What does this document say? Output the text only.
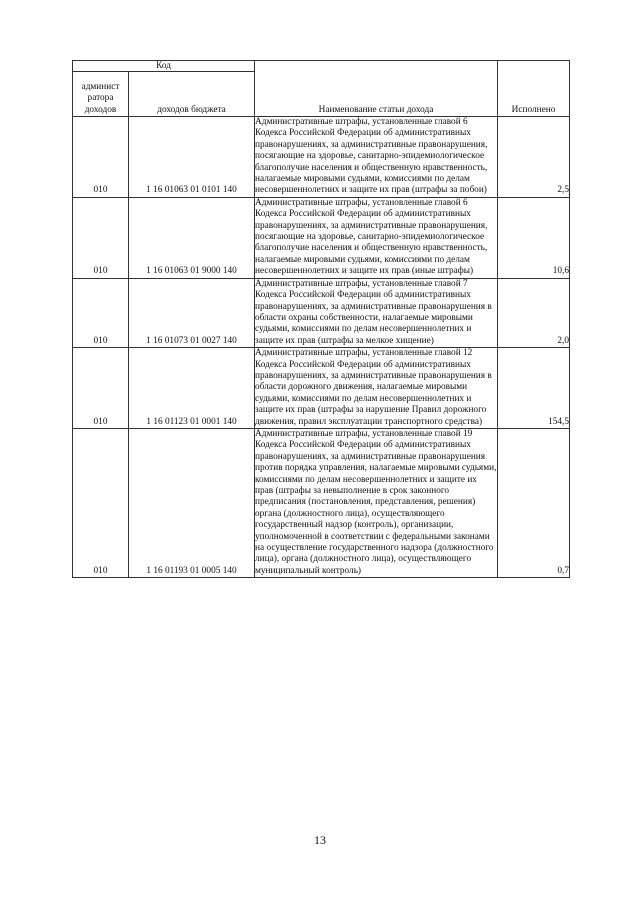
Код		Наименование статьи дохода	Исполнено
админист ратора доходов	доходов бюджета		
010	1 16 01063 01 0101 140	Административные штрафы, установленные главой 6 Кодекса Российской Федерации об административных правонарушениях, за административные правонарушения, посягающие на здоровье, санитарно-эпидемиологическое благополучие населения и общественную нравственность, налагаемые мировыми судьями, комиссиями по делам несовершеннолетних и защите их прав (штрафы за побои)	2,5
010	1 16 01063 01 9000 140	Административные штрафы, установленные главой 6 Кодекса Российской Федерации об административных правонарушениях, за административные правонарушения, посягающие на здоровье, санитарно-эпидемиологическое благополучие населения и общественную нравственность, налагаемые мировыми судьями, комиссиями по делам несовершеннолетних и защите их прав (иные штрафы)	10,6
010	1 16 01073 01 0027 140	Административные штрафы, установленные главой 7 Кодекса Российской Федерации об административных правонарушениях, за административные правонарушения в области охраны собственности, налагаемые мировыми судьями, комиссиями по делам несовершеннолетних и защите их прав (штрафы за мелкое хищение)	2,0
010	1 16 01123 01 0001 140	Административные штрафы, установленные главой 12 Кодекса Российской Федерации об административных правонарушениях, за административные правонарушения в области дорожного движения, налагаемые мировыми судьями, комиссиями по делам несовершеннолетних и защите их прав (штрафы за нарушение Правил дорожного движения, правил эксплуатации транспортного средства)	154,5
010	1 16 01193 01 0005 140	Административные штрафы, установленные главой 19 Кодекса Российской Федерации об административных правонарушениях, за административные правонарушения против порядка управления, налагаемые мировыми судьями, комиссиями по делам несовершеннолетних и защите их прав (штрафы за невыполнение в срок законного предписания (постановления, представления, решения) органа (должностного лица), осуществляющего государственный надзор (контроль), организации, уполномоченной в соответствии с федеральными законами на осуществление государственного надзора (должностного лица), органа (должностного лица), осуществляющего муниципальный контроль)	0,7
13
